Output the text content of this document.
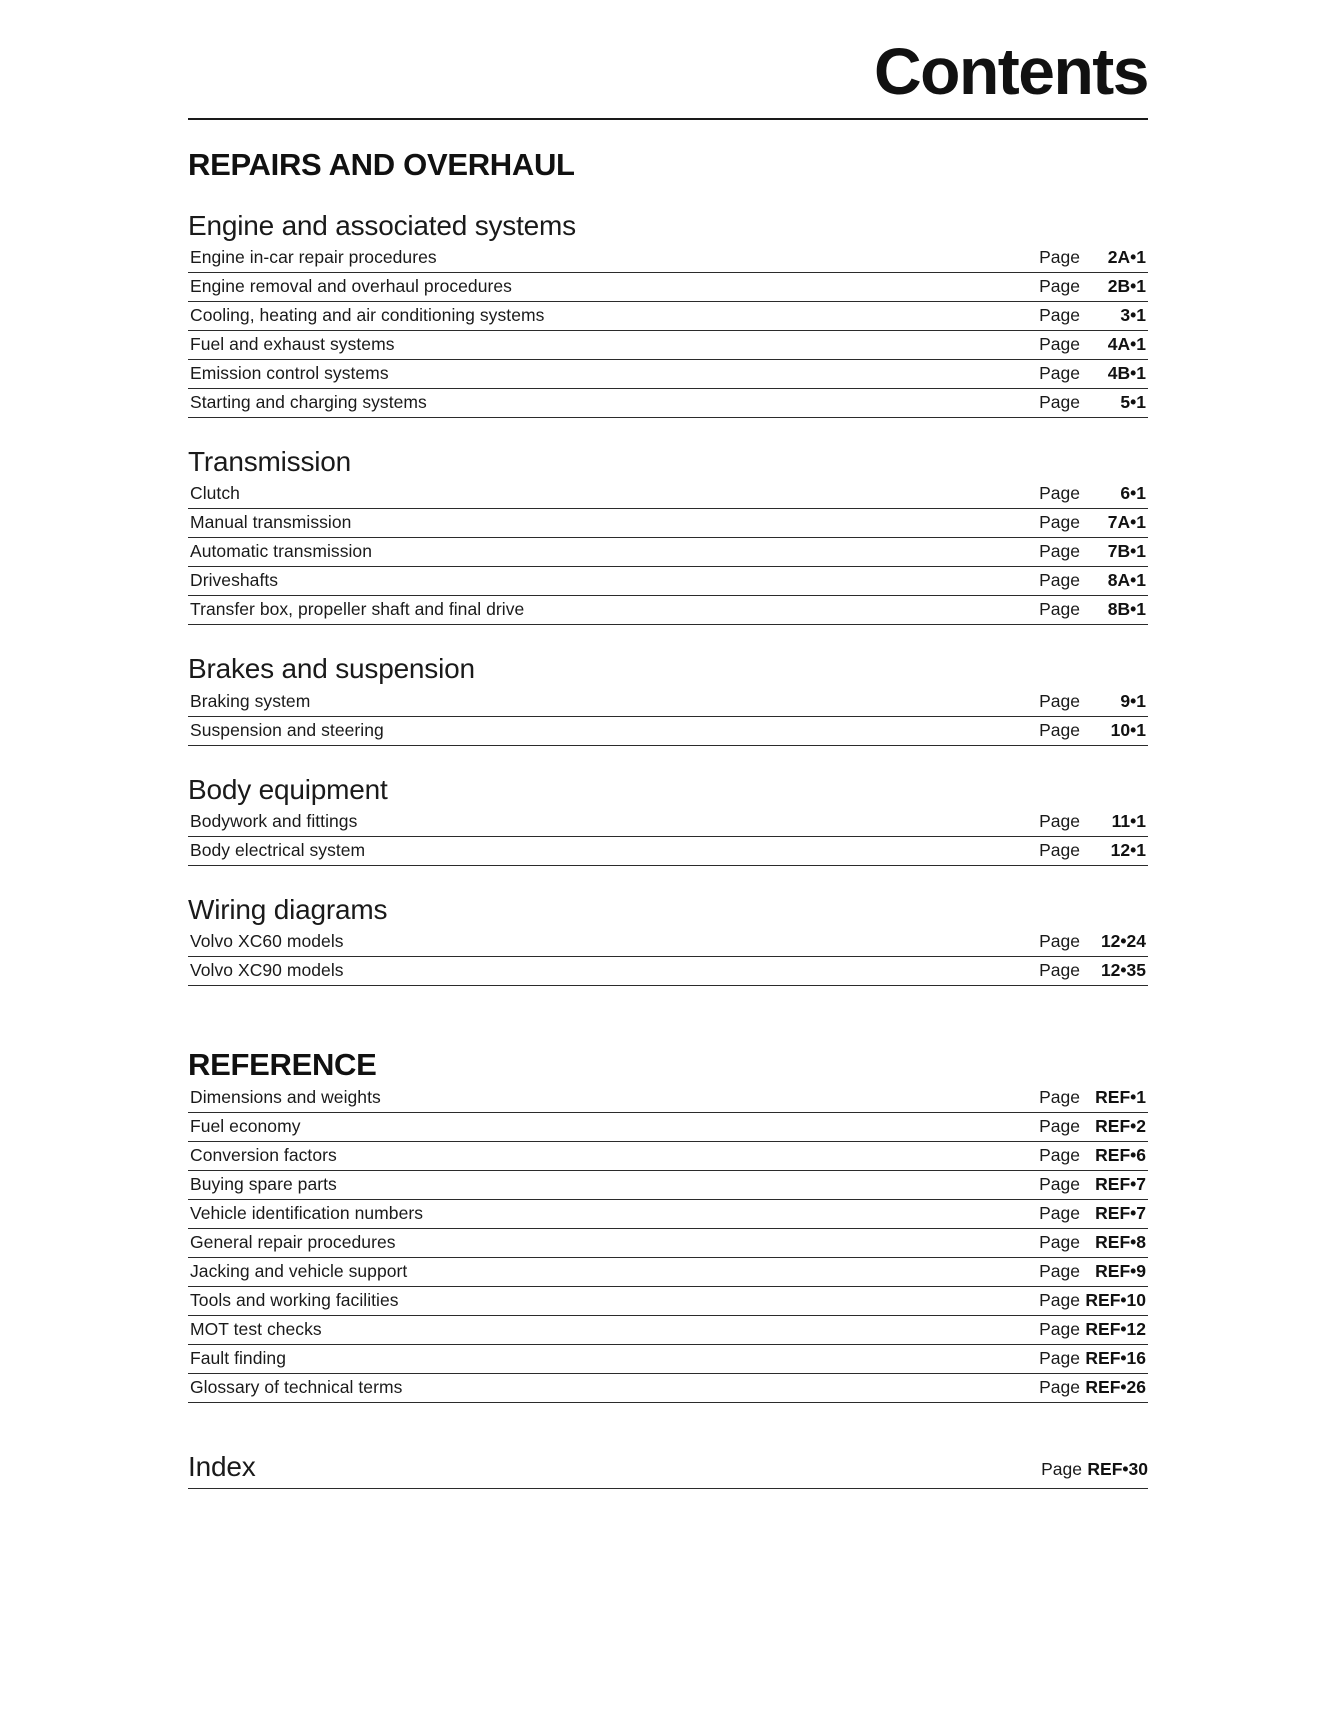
Contents
REPAIRS AND OVERHAUL
Engine and associated systems
Engine in-car repair procedures	Page	2A•1
Engine removal and overhaul procedures	Page	2B•1
Cooling, heating and air conditioning systems	Page	3•1
Fuel and exhaust systems	Page	4A•1
Emission control systems	Page	4B•1
Starting and charging systems	Page	5•1
Transmission
Clutch	Page	6•1
Manual transmission	Page	7A•1
Automatic transmission	Page	7B•1
Driveshafts	Page	8A•1
Transfer box, propeller shaft and final drive	Page	8B•1
Brakes and suspension
Braking system	Page	9•1
Suspension and steering	Page	10•1
Body equipment
Bodywork and fittings	Page	11•1
Body electrical system	Page	12•1
Wiring diagrams
Volvo XC60 models	Page	12•24
Volvo XC90 models	Page	12•35
REFERENCE
Dimensions and weights	Page REF•1
Fuel economy	Page REF•2
Conversion factors	Page REF•6
Buying spare parts	Page REF•7
Vehicle identification numbers	Page REF•7
General repair procedures	Page REF•8
Jacking and vehicle support	Page REF•9
Tools and working facilities	Page REF•10
MOT test checks	Page REF•12
Fault finding	Page REF•16
Glossary of technical terms	Page REF•26
Index	Page REF•30
